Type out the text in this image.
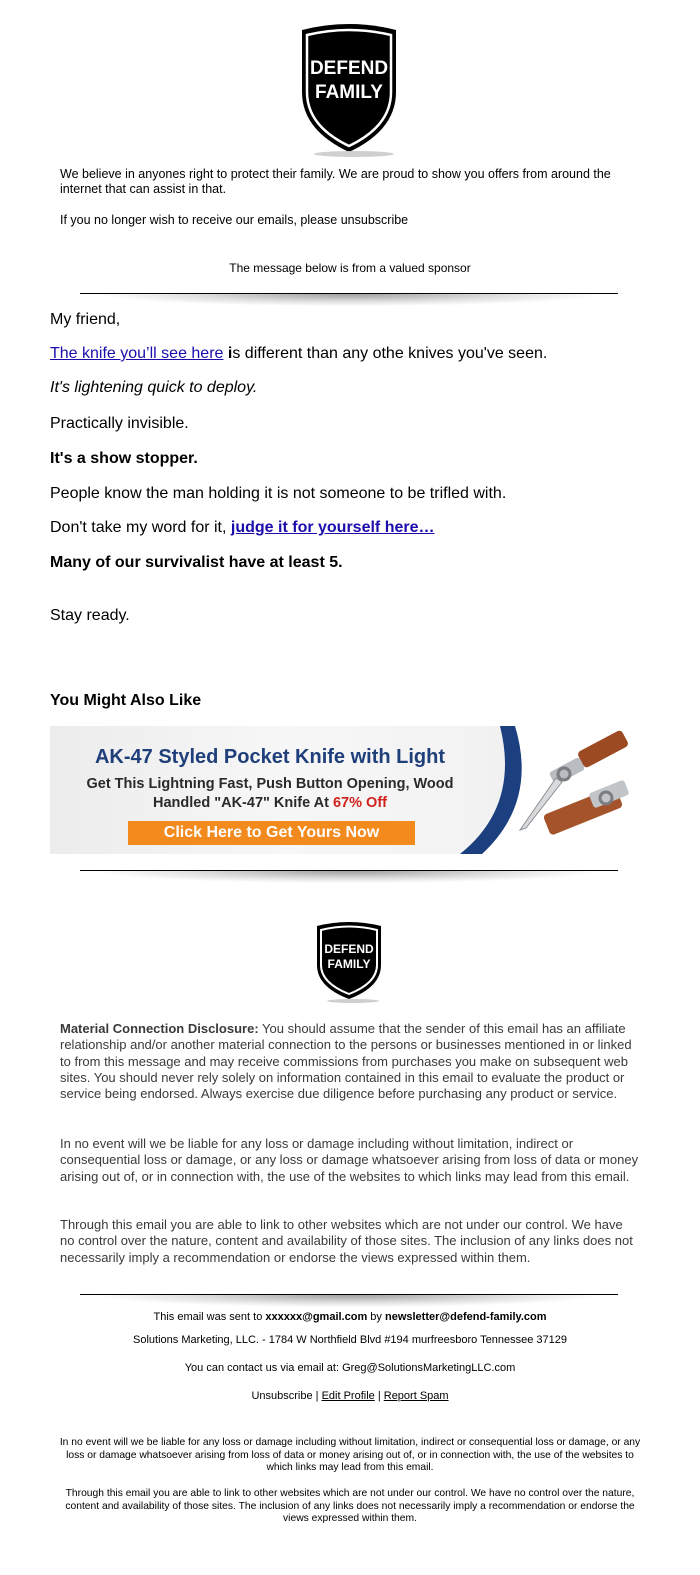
DEFEND
FAMILY
We believe in anyones right to protect their family. We are proud to show you offers from around the internet that can assist in that.
If you no longer wish to receive our emails, please unsubscribe
The message below is from a valued sponsor
My friend,
The knife you’ll see here is different than any othe knives you've seen.
It's lightening quick to deploy.
Practically invisible.
It's a show stopper.
People know the man holding it is not someone to be trifled with.
Don't take my word for it, judge it for yourself here…
Many of our survivalist have at least 5.
Stay ready.
You Might Also Like
AK-47 Styled Pocket Knife with Light
Get This Lightning Fast, Push Button Opening, Wood
Handled "AK-47" Knife At 67% Off
Click Here to Get Yours Now
DEFEND
FAMILY
Material Connection Disclosure: You should assume that the sender of this email has an affiliate relationship and/or another material connection to the persons or businesses mentioned in or linked to from this message and may receive commissions from purchases you make on subsequent web sites. You should never rely solely on information contained in this email to evaluate the product or service being endorsed. Always exercise due diligence before purchasing any product or service.
In no event will we be liable for any loss or damage including without limitation, indirect or consequential loss or damage, or any loss or damage whatsoever arising from loss of data or money arising out of, or in connection with, the use of the websites to which links may lead from this email.
Through this email you are able to link to other websites which are not under our control. We have no control over the nature, content and availability of those sites. The inclusion of any links does not necessarily imply a recommendation or endorse the views expressed within them.
This email was sent to xxxxxx@gmail.com by newsletter@defend-family.com
Solutions Marketing, LLC. - 1784 W Northfield Blvd #194 murfreesboro Tennessee 37129
You can contact us via email at: Greg@SolutionsMarketingLLC.com
Unsubscribe | Edit Profile | Report Spam
In no event will we be liable for any loss or damage including without limitation, indirect or consequential loss or damage, or any loss or damage whatsoever arising from loss of data or money arising out of, or in connection with, the use of the websites to which links may lead from this email.
Through this email you are able to link to other websites which are not under our control. We have no control over the nature, content and availability of those sites. The inclusion of any links does not necessarily imply a recommendation or endorse the views expressed within them.
